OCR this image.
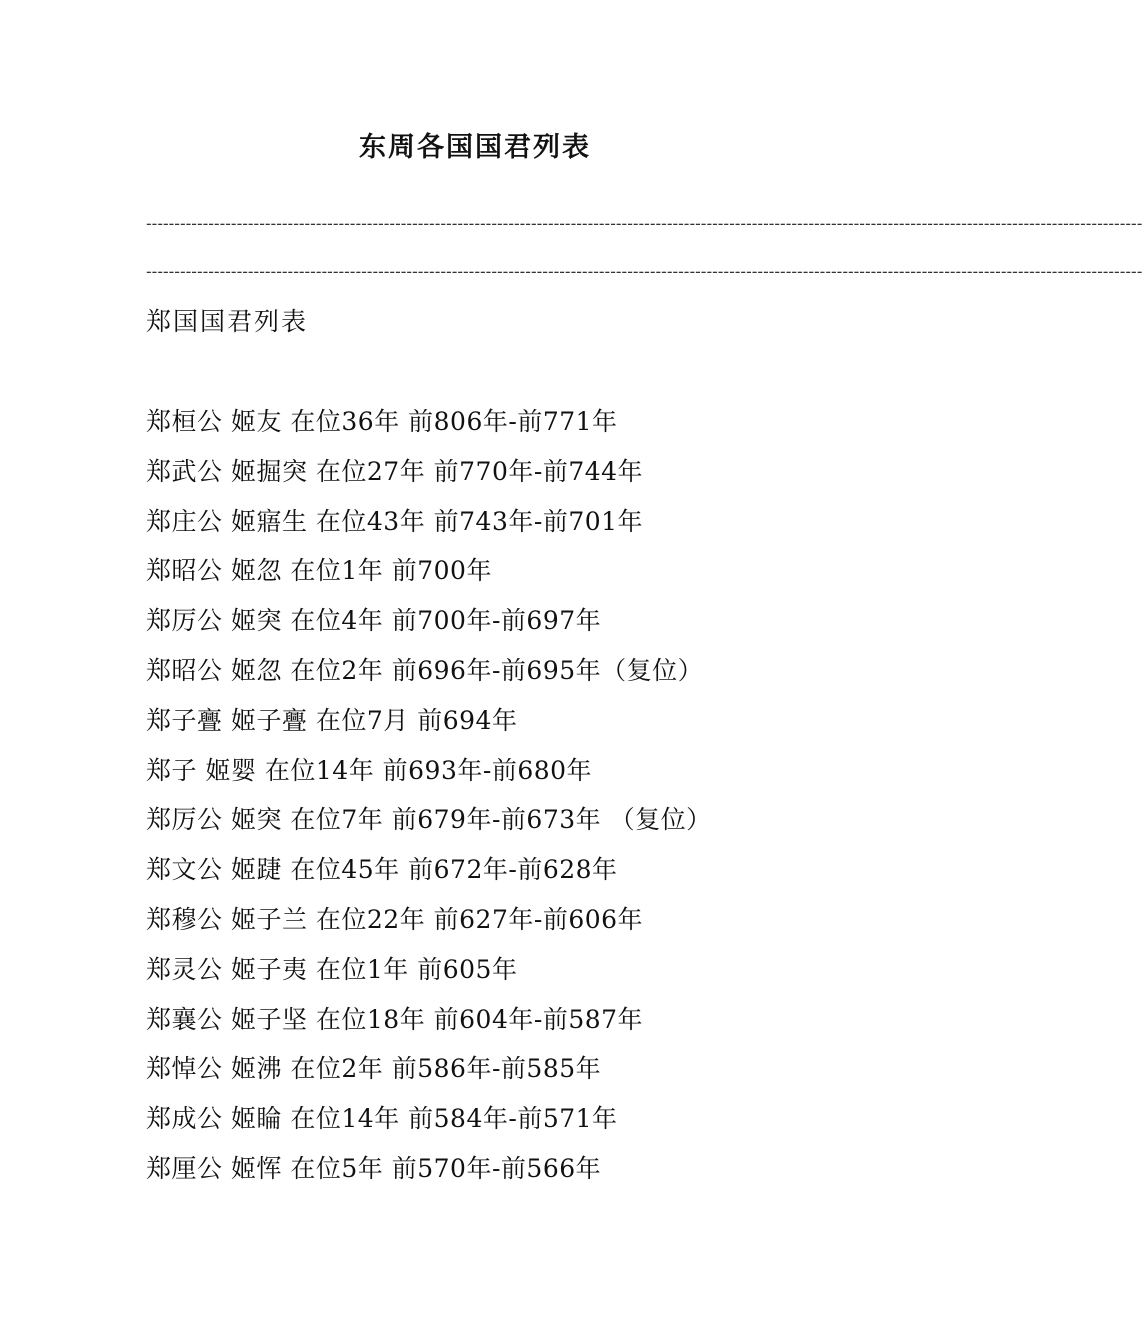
东周各国国君列表
--------------------------------------------------------------------------------------------------------------------------------------------------------------------------------
--------------------------------------------------------------------------------------------------------------------------------------------------------------------------------
郑国国君列表
郑桓公 姬友 在位36年 前806年-前771年
郑武公 姬掘突 在位27年 前770年-前744年
郑庄公 姬寤生 在位43年 前743年-前701年
郑昭公 姬忽 在位1年 前700年
郑厉公 姬突 在位4年 前700年-前697年
郑昭公 姬忽 在位2年 前696年-前695年（复位）
郑子亹 姬子亹 在位7月 前694年
郑子 姬婴 在位14年 前693年-前680年
郑厉公 姬突 在位7年 前679年-前673年 （复位）
郑文公 姬踕 在位45年 前672年-前628年
郑穆公 姬子兰 在位22年 前627年-前606年
郑灵公 姬子夷 在位1年 前605年
郑襄公 姬子坚 在位18年 前604年-前587年
郑悼公 姬沸 在位2年 前586年-前585年
郑成公 姬睔 在位14年 前584年-前571年
郑厘公 姬恽 在位5年 前570年-前566年
